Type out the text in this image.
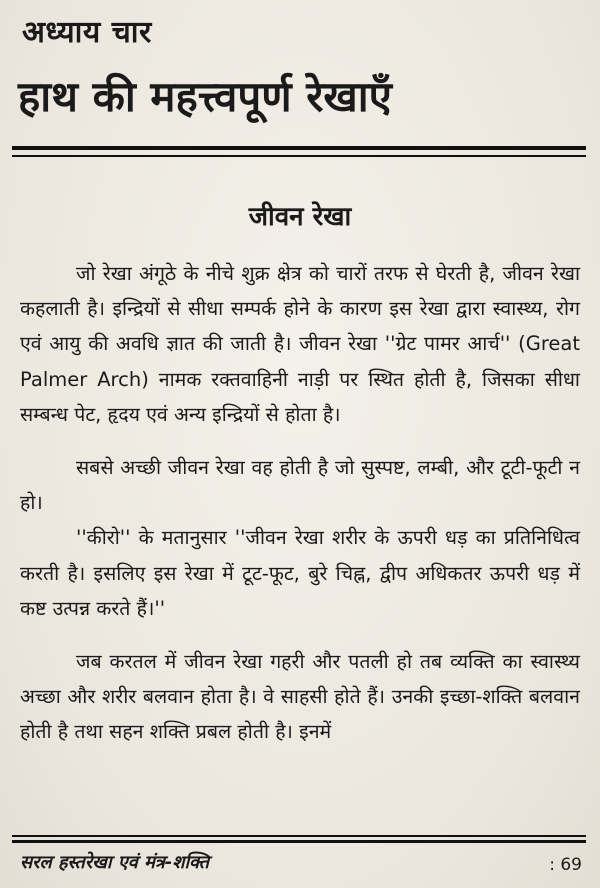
अध्याय चार
हाथ की महत्त्वपूर्ण रेखाएँ
जीवन रेखा

जो रेखा अंगूठे के नीचे शुक्र क्षेत्र को चारों तरफ से घेरती है, जीवन रेखा कहलाती है। इन्द्रियों से सीधा सम्पर्क होने के कारण इस रेखा द्वारा स्वास्थ्य, रोग एवं आयु की अवधि ज्ञात की जाती है। जीवन रेखा ''ग्रेट पामर आर्च'' (Great Palmer Arch) नामक रक्तवाहिनी नाड़ी पर स्थित होती है, जिसका सीधा सम्बन्ध पेट, हृदय एवं अन्य इन्द्रियों से होता है।

सबसे अच्छी जीवन रेखा वह होती है जो सुस्पष्ट, लम्बी, और टूटी-फूटी न हो।

''कीरो'' के मतानुसार ''जीवन रेखा शरीर के ऊपरी धड़ का प्रतिनिधित्व करती है। इसलिए इस रेखा में टूट-फूट, बुरे चिह्न, द्वीप अधिकतर ऊपरी धड़ में कष्ट उत्पन्न करते हैं।''

जब करतल में जीवन रेखा गहरी और पतली हो तब व्यक्ति का स्वास्थ्य अच्छा और शरीर बलवान होता है। वे साहसी होते हैं। उनकी इच्छा-शक्ति बलवान होती है तथा सहन शक्ति प्रबल होती है। इनमें

सरल हस्तरेखा एवं मंत्र-शक्ति	: 69
